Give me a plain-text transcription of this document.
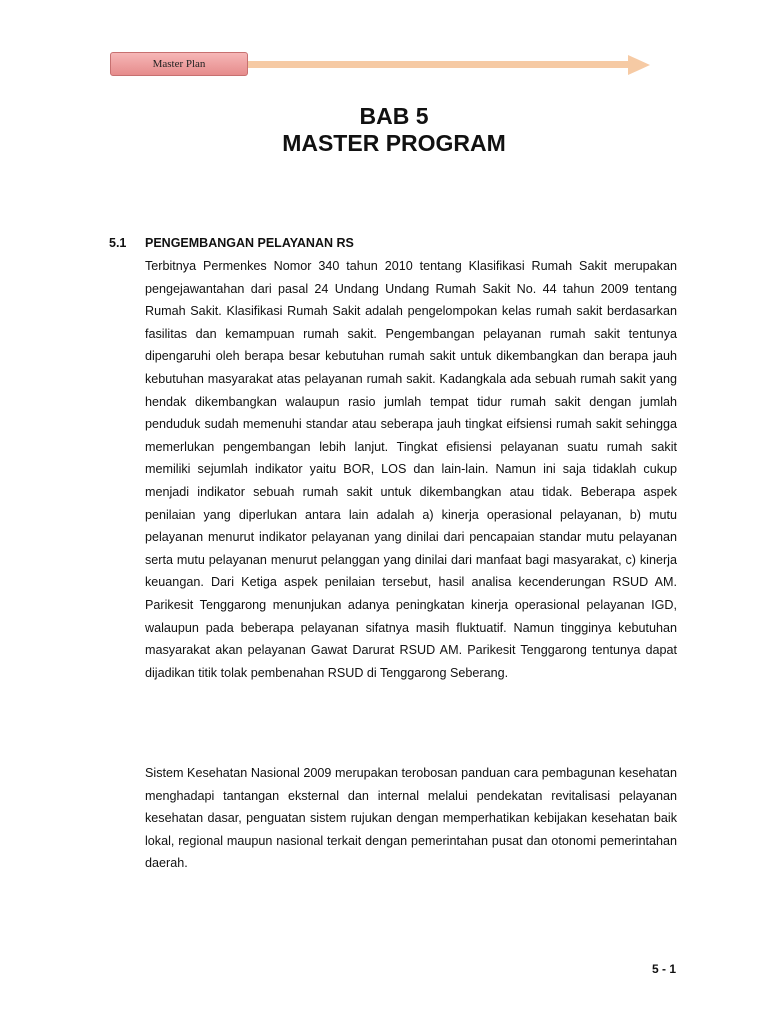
Master Plan
BAB 5
MASTER PROGRAM
5.1 PENGEMBANGAN PELAYANAN RS

Terbitnya Permenkes Nomor 340 tahun 2010 tentang Klasifikasi Rumah Sakit merupakan pengejawantahan dari pasal 24 Undang Undang Rumah Sakit No. 44 tahun 2009 tentang Rumah Sakit. Klasifikasi Rumah Sakit adalah pengelompokan kelas rumah sakit berdasarkan fasilitas dan kemampuan rumah sakit. Pengembangan pelayanan rumah sakit tentunya dipengaruhi oleh berapa besar kebutuhan rumah sakit untuk dikembangkan dan berapa jauh kebutuhan masyarakat atas pelayanan rumah sakit. Kadangkala ada sebuah rumah sakit yang hendak dikembangkan walaupun rasio jumlah tempat tidur rumah sakit dengan jumlah penduduk sudah memenuhi standar atau seberapa jauh tingkat eifsiensi rumah sakit sehingga memerlukan pengembangan lebih lanjut. Tingkat efisiensi pelayanan suatu rumah sakit memiliki sejumlah indikator yaitu BOR, LOS dan lain-lain. Namun ini saja tidaklah cukup menjadi indikator sebuah rumah sakit untuk dikembangkan atau tidak. Beberapa aspek penilaian yang diperlukan antara lain adalah a) kinerja operasional pelayanan, b) mutu pelayanan menurut indikator pelayanan yang dinilai dari pencapaian standar mutu pelayanan serta mutu pelayanan menurut pelanggan yang dinilai dari manfaat bagi masyarakat, c) kinerja keuangan. Dari Ketiga aspek penilaian tersebut, hasil analisa kecenderungan RSUD AM. Parikesit Tenggarong menunjukan adanya peningkatan kinerja operasional pelayanan IGD, walaupun pada beberapa pelayanan sifatnya masih fluktuatif. Namun tingginya kebutuhan masyarakat akan pelayanan Gawat Darurat RSUD AM. Parikesit Tenggarong tentunya dapat dijadikan titik tolak pembenahan RSUD di Tenggarong Seberang.

Sistem Kesehatan Nasional 2009 merupakan terobosan panduan cara pembagunan kesehatan menghadapi tantangan eksternal dan internal melalui pendekatan revitalisasi pelayanan kesehatan dasar, penguatan sistem rujukan dengan memperhatikan kebijakan kesehatan baik lokal, regional maupun nasional terkait dengan pemerintahan pusat dan otonomi pemerintahan daerah.

5 - 1
